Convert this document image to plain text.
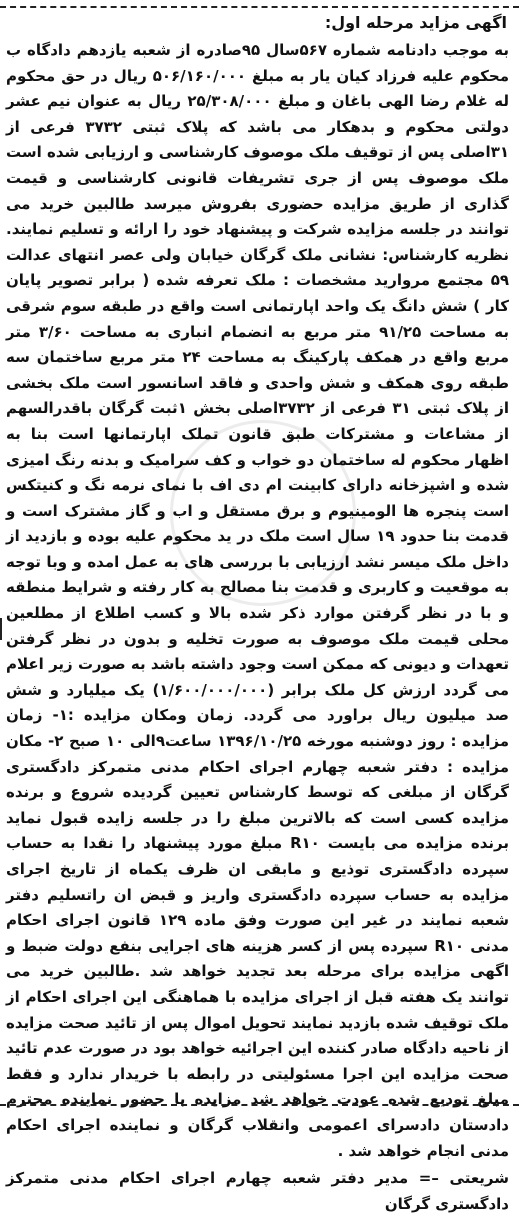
اگهی مزاید مرحله اول:
به موجب دادنامه شماره ۵۶۷سال ۹۵صادره از شعبه یازدهم دادگاه ب محکوم علیه فرزاد کیان یار به مبلغ ۵۰۶/۱۶۰/۰۰۰ ریال در حق محکوم له غلام رضا الهی باغان و مبلغ ۲۵/۳۰۸/۰۰۰ ریال به عنوان نیم عشر دولتی محکوم و بدهکار می باشد که پلاک ثبتی ۳۷۳۲ فرعی از ۳۱اصلی پس از توقیف ملک موصوف کارشناسی و ارزیابی شده است ملک موصوف پس از جری تشریفات قانونی کارشناسی و قیمت گذاری از طریق مزایده حضوری بفروش میرسد طالبین خرید می توانند در جلسه مزایده شرکت و پیشنهاد خود را ارائه و تسلیم نمایند. نظریه کارشناس: نشانی ملک گرگان خیابان ولی عصر انتهای عدالت ۵۹ مجتمع مروارید مشخصات : ملک تعرفه شده ( برابر تصویر پایان کار ) شش دانگ یک واحد اپارتمانی است واقع در طبقه سوم شرقی به مساحت ۹۱/۲۵ متر مربع به انضمام انباری به مساحت ۳/۶۰ متر مربع واقع در همکف پارکینگ به مساحت ۲۴ متر مربع ساختمان سه طبقه روی همکف و شش واحدی و فاقد اسانسور است ملک بخشی از پلاک ثبتی ۳۱ فرعی از ۳۷۳۲اصلی بخش ۱ثبت گرگان باقدرالسهم از مشاعات و مشترکات طبق قانون تملک اپارتمانها است بنا به اظهار محکوم له ساختمان دو خواب و کف سرامیک و بدنه رنگ امیزی شده و اشپزخانه دارای کابینت ام دی اف با نمای نرمه نگ و کنیتکس است پنجره ها الومینیوم و برق مستقل و اب و گاز مشترک است و قدمت بنا حدود ۱۹ سال است ملک در ید محکوم علیه بوده و بازدید از داخل ملک میسر نشد ارزیابی با بررسی های به عمل امده و وبا توجه به موقعیت و کاربری و قدمت بنا مصالح به کار رفته و شرایط منطقه و با در نظر گرفتن موارد ذکر شده بالا و کسب اطلاع از مطلعین محلی قیمت ملک موصوف به صورت تخلیه و بدون در نظر گرفتن تعهدات و دیونی که ممکن است وجود داشته باشد به صورت زیر اعلام می گردد ارزش کل ملک برابر (۱/۶۰۰/۰۰۰/۰۰۰) یک میلیارد و شش صد میلیون ریال براورد می گردد. زمان ومکان مزایده :۱- زمان مزایده : روز دوشنبه مورخه ۱۳۹۶/۱۰/۲۵ ساعت۹الی ۱۰ صبح ۲- مکان مزایده : دفتر شعبه چهارم اجرای احکام مدنی متمرکز دادگستری گرگان از مبلغی که توسط کارشناس تعیین گردیده شروع و برنده مزایده کسی است که بالاترین مبلغ را در جلسه زایده قبول نماید برنده مزایده می بایست R۱۰ مبلغ مورد پیشنهاد را نقدا به حساب سپرده دادگستری توذیع و مابقی ان ظرف یکماه از تاریخ اجرای مزایده به حساب سپرده دادگستری واریز و قبض ان راتسلیم دفتر شعبه نمایند در غیر این صورت وفق ماده ۱۲۹ قانون اجرای احکام مدنی R۱۰ سپرده پس از کسر هزینه های اجرایی بنفع دولت ضبط و اگهی مزایده برای مرحله بعد تجدید خواهد شد .طالبین خرید می توانند یک هفته قبل از اجرای مزایده با هماهنگی این اجرای احکام از ملک توقیف شده بازدید نمایند تحویل اموال پس از تائید صحت مزایده از ناحیه دادگاه صادر کننده این اجرائیه خواهد بود در صورت عدم تائید صحت مزایده این اجرا مسئولیتی در رابطه با خریدار ندارد و فقط مبلغ تودیع شده عودت خواهد شد مزایده با حضور نماینده محترم دادستان دادسرای اعمومی وانقلاب گرگان و نماینده اجرای احکام مدنی انجام خواهد شد .
شریعتی –= مدیر دفتر شعبه چهارم اجرای احکام مدنی متمرکز دادگستری گرگان
